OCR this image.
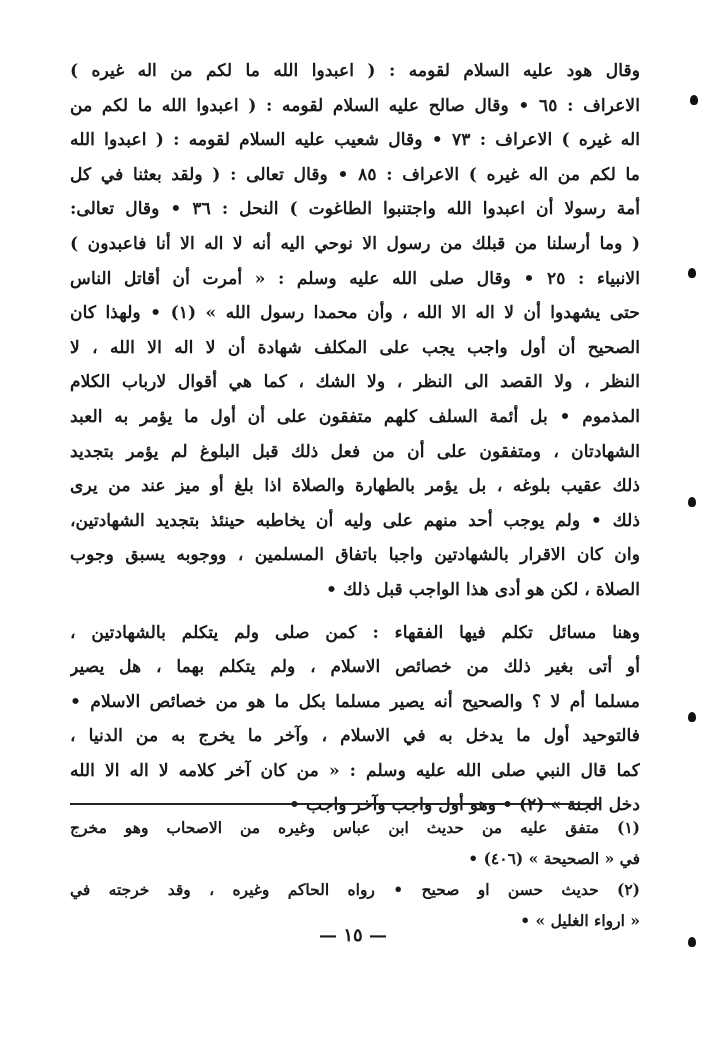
وقال هود عليه السلام لقومه : ( اعبدوا الله ما لكم من اله غيره )
الاعراف : ٦٥ • وقال صالح عليه السلام لقومه : ( اعبدوا الله ما لكم من
اله غيره ) الاعراف : ٧٣ • وقال شعيب عليه السلام لقومه : ( اعبدوا الله
ما لكم من اله غيره ) الاعراف : ٨٥ • وقال تعالى : ( ولقد بعثنا في كل
أمة رسولا أن اعبدوا الله واجتنبوا الطاغوت ) النحل : ٣٦ • وقال تعالى:
( وما أرسلنا من قبلك من رسول الا نوحي اليه أنه لا اله الا أنا فاعبدون )
الانبياء : ٢٥ • وقال صلى الله عليه وسلم : « أمرت أن أقاتل الناس
حتى يشهدوا أن لا اله الا الله ، وأن محمدا رسول الله » (١) • ولهذا كان
الصحيح أن أول واجب يجب على المكلف شهادة أن لا اله الا الله ، لا
النظر ، ولا القصد الى النظر ، ولا الشك ، كما هي أقوال لارباب الكلام
المذموم • بل أئمة السلف كلهم متفقون على أن أول ما يؤمر به العبد
الشهادتان ، ومتفقون على أن من فعل ذلك قبل البلوغ لم يؤمر بتجديد
ذلك عقيب بلوغه ، بل يؤمر بالطهارة والصلاة اذا بلغ أو ميز عند من يرى
ذلك • ولم يوجب أحد منهم على وليه أن يخاطبه حينئذ بتجديد الشهادتين،
وان كان الاقرار بالشهادتين واجبا باتفاق المسلمين ، ووجوبه يسبق وجوب
الصلاة ، لكن هو أدى هذا الواجب قبل ذلك •

وهنا مسائل تكلم فيها الفقهاء : كمن صلى ولم يتكلم بالشهادتين ،
أو أتى بغير ذلك من خصائص الاسلام ، ولم يتكلم بهما ، هل يصير
مسلما أم لا ؟ والصحيح أنه يصير مسلما بكل ما هو من خصائص الاسلام •
فالتوحيد أول ما يدخل به في الاسلام ، وآخر ما يخرج به من الدنيا ،
كما قال النبي صلى الله عليه وسلم : « من كان آخر كلامه لا اله الا الله
دخل الجنة » (٢) • وهو أول واجب وآخر واجب •

(١) متفق عليه من حديث ابن عباس وغيره من الاصحاب وهو مخرج
في « الصحيحة » (٤٠٦) •
(٢) حديث حسن او صحيح • رواه الحاكم وغيره ، وقد خرجته في
« ارواء الغليل » •
— ١٥ —
